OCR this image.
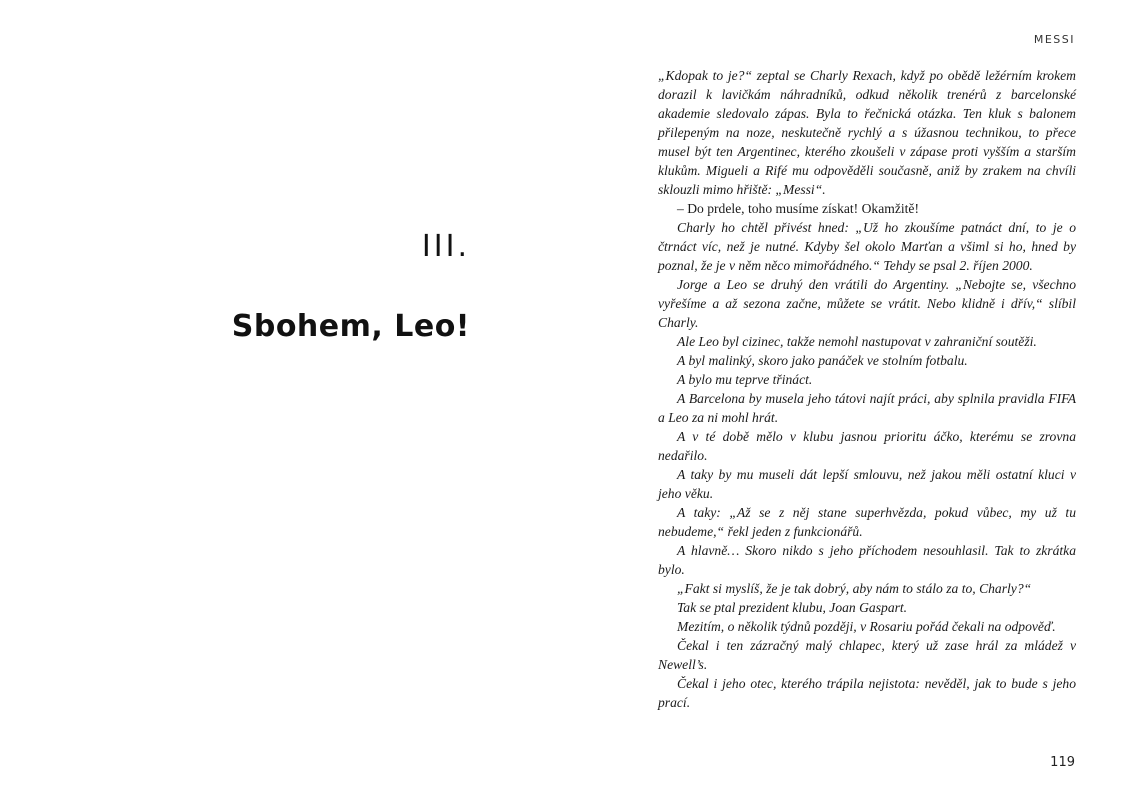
III.
Sbohem, Leo!
MESSI

„Kdopak to je?“ zeptal se Charly Rexach, když po obědě ležérním krokem dorazil k lavičkám náhradníků, odkud několik trenérů z barcelonské akademie sledovalo zápas. Byla to řečnická otázka. Ten kluk s balonem přilepeným na noze, neskutečně rychlý a s úžasnou technikou, to přece musel být ten Argentinec, kterého zkoušeli v zápase proti vyšším a starším klukům. Migueli a Rifé mu odpověděli současně, aniž by zrakem na chvíli sklouzli mimo hřiště: „Messi“.

– Do prdele, toho musíme získat! Okamžitě!

Charly ho chtěl přivést hned: „Už ho zkoušíme patnáct dní, to je o čtrnáct víc, než je nutné. Kdyby šel okolo Marťan a všiml si ho, hned by poznal, že je v něm něco mimořádného.“ Tehdy se psal 2. říjen 2000.

Jorge a Leo se druhý den vrátili do Argentiny. „Nebojte se, všechno vyřešíme a až sezona začne, můžete se vrátit. Nebo klidně i dřív,“ slíbil Charly.

Ale Leo byl cizinec, takže nemohl nastupovat v zahraniční soutěži.

A byl malinký, skoro jako panáček ve stolním fotbalu.

A bylo mu teprve třináct.

A Barcelona by musela jeho tátovi najít práci, aby splnila pravidla FIFA a Leo za ni mohl hrát.

A v té době mělo v klubu jasnou prioritu áčko, kterému se zrovna nedařilo.

A taky by mu museli dát lepší smlouvu, než jakou měli ostatní kluci v jeho věku.

A taky: „Až se z něj stane superhvězda, pokud vůbec, my už tu nebudeme,“ řekl jeden z funkcionářů.

A hlavně… Skoro nikdo s jeho příchodem nesouhlasil. Tak to zkrátka bylo.

„Fakt si myslíš, že je tak dobrý, aby nám to stálo za to, Charly?“

Tak se ptal prezident klubu, Joan Gaspart.

Mezitím, o několik týdnů později, v Rosariu pořád čekali na odpověď.

Čekal i ten zázračný malý chlapec, který už zase hrál za mládež v Newell’s.

Čekal i jeho otec, kterého trápila nejistota: nevěděl, jak to bude s jeho prací.

119
